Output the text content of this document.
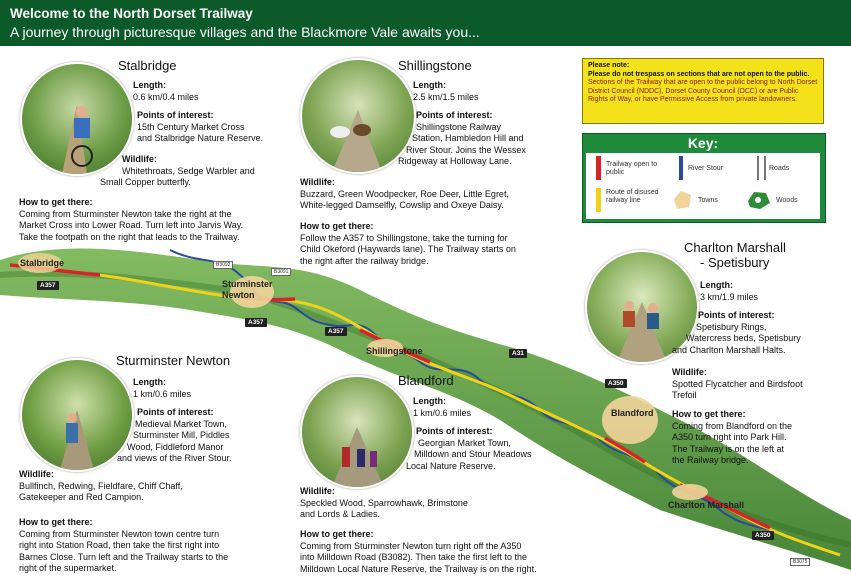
Welcome to the North Dorset Trailway
A journey through picturesque villages and the Blackmore Vale awaits you...
Stalbridge
Sturminster
Newton
Shillingstone
Blandford
Charlton Marshall
A357
A357
A357
A31
A350
A350
B3092
B3091
B3075
Stalbridge

Length:

0.6 km/0.4 miles

Points of interest:

15th Century Market Cross

and Stalbridge Nature Reserve.

Wildlife:

Whitethroats, Sedge Warbler and

Small Copper butterfly.

How to get there:

Coming from Sturminster Newton take the right at the

Market Cross into Lower Road. Turn left into Jarvis Way.

Take the footpath on the right that leads to the Trailway.

Shillingstone

Length:

2.5 km/1.5 miles

Points of interest:

Shillingstone Railway

Station, Hambledon Hill and

River Stour. Joins the Wessex

Ridgeway at Holloway Lane.

Wildlife:

Buzzard, Green Woodpecker, Roe Deer, Little Egret,

White-legged Damselfly, Cowslip and Oxeye Daisy.

How to get there:

Follow the A357 to Shillingstone, take the turning for

Child Okeford (Haywards lane). The Trailway starts on

the right after the railway bridge.

Please note:
Please do not trespass on sections that are not open to the public.
Sections of the Trailway that are open to the public belong to North Dorset District Council (NDDC), Dorset County Council (DCC) or are Public Rights of Way, or have Permissive Access from private landowners.
Key:
Trailway open to public
River Stour	Roads
Route of disused railway line	Towns	Woods
Charlton Marshall
- Spetisbury

Length:

3 km/1.9 miles

Points of interest:

Spetisbury Rings,

Watercress beds, Spetisbury

and Charlton Marshall Halts.

Wildlife:

Spotted Flycatcher and Birdsfoot

Trefoil

How to get there:

Coming from Blandford on the

A350 turn right into Park Hill.

The Trailway is on the left at

the Railway bridge.

Sturminster Newton

Length:

1 km/0.6 miles

Points of interest:

Medieval Market Town,

Sturminster Mill, Piddles

Wood, Fiddleford Manor

and views of the River Stour.

Wildlife:

Bullfinch, Redwing, Fieldfare, Chiff Chaff,

Gatekeeper and Red Campion.

How to get there:

Coming from Sturminster Newton town centre turn

right into Station Road, then take the first right into

Barnes Close. Turn left and the Trailway starts to the

right of the supermarket.

Blandford

Length:

1 km/0.6 miles

Points of interest:

Georgian Market Town,

Milldown and Stour Meadows

Local Nature Reserve.

Wildlife:

Speckled Wood, Sparrowhawk, Brimstone

and Lords & Ladies.

How to get there:

Coming from Sturminster Newton turn right off the A350

into Milldown Road (B3082). Then take the first left to the

Milldown Local Nature Reserve, the Trailway is on the right.
